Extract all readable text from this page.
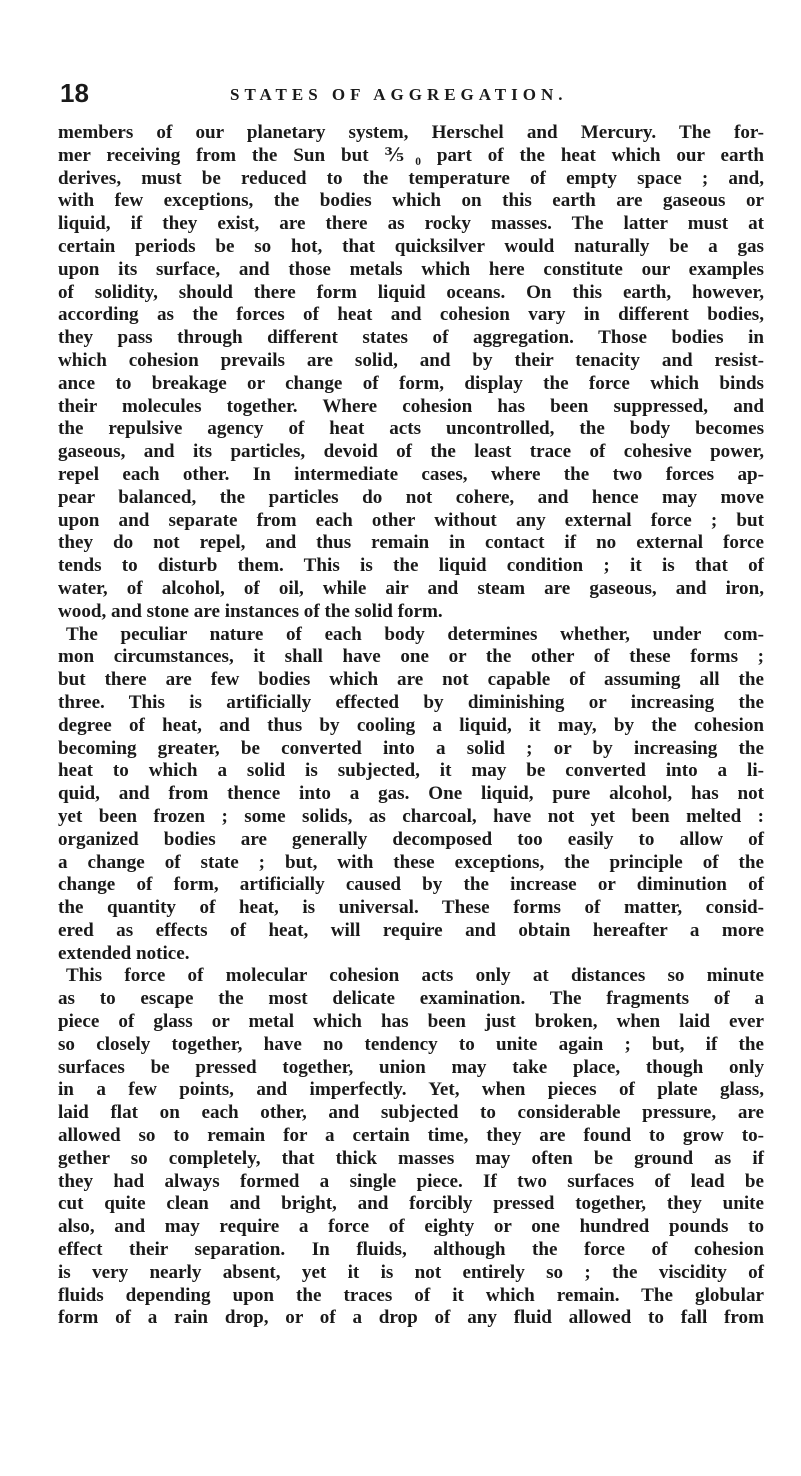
18	STATES OF AGGREGATION.
members of our planetary system, Herschel and Mercury. The for-
mer receiving from the Sun but ⅗₀ part of the heat which our earth
derives, must be reduced to the temperature of empty space ; and,
with few exceptions, the bodies which on this earth are gaseous or
liquid, if they exist, are there as rocky masses. The latter must at
certain periods be so hot, that quicksilver would naturally be a gas
upon its surface, and those metals which here constitute our examples
of solidity, should there form liquid oceans. On this earth, however,
according as the forces of heat and cohesion vary in different bodies,
they pass through different states of aggregation. Those bodies in
which cohesion prevails are solid, and by their tenacity and resist-
ance to breakage or change of form, display the force which binds
their molecules together. Where cohesion has been suppressed, and
the repulsive agency of heat acts uncontrolled, the body becomes
gaseous, and its particles, devoid of the least trace of cohesive power,
repel each other. In intermediate cases, where the two forces ap-
pear balanced, the particles do not cohere, and hence may move
upon and separate from each other without any external force ; but
they do not repel, and thus remain in contact if no external force
tends to disturb them. This is the liquid condition ; it is that of
water, of alcohol, of oil, while air and steam are gaseous, and iron,
wood, and stone are instances of the solid form.
The peculiar nature of each body determines whether, under com-
mon circumstances, it shall have one or the other of these forms ;
but there are few bodies which are not capable of assuming all the
three. This is artificially effected by diminishing or increasing the
degree of heat, and thus by cooling a liquid, it may, by the cohesion
becoming greater, be converted into a solid ; or by increasing the
heat to which a solid is subjected, it may be converted into a li-
quid, and from thence into a gas. One liquid, pure alcohol, has not
yet been frozen ; some solids, as charcoal, have not yet been melted :
organized bodies are generally decomposed too easily to allow of
a change of state ; but, with these exceptions, the principle of the
change of form, artificially caused by the increase or diminution of
the quantity of heat, is universal. These forms of matter, consid-
ered as effects of heat, will require and obtain hereafter a more
extended notice.
This force of molecular cohesion acts only at distances so minute
as to escape the most delicate examination. The fragments of a
piece of glass or metal which has been just broken, when laid ever
so closely together, have no tendency to unite again ; but, if the
surfaces be pressed together, union may take place, though only
in a few points, and imperfectly. Yet, when pieces of plate glass,
laid flat on each other, and subjected to considerable pressure, are
allowed so to remain for a certain time, they are found to grow to-
gether so completely, that thick masses may often be ground as if
they had always formed a single piece. If two surfaces of lead be
cut quite clean and bright, and forcibly pressed together, they unite
also, and may require a force of eighty or one hundred pounds to
effect their separation. In fluids, although the force of cohesion
is very nearly absent, yet it is not entirely so ; the viscidity of
fluids depending upon the traces of it which remain. The globular
form of a rain drop, or of a drop of any fluid allowed to fall from
